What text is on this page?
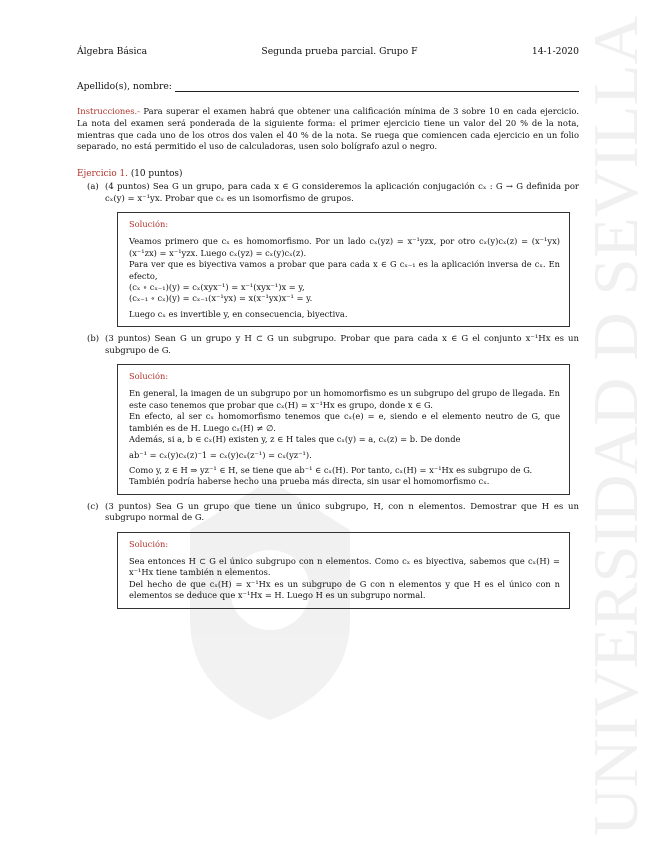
UNIVERSIDAD D SEVILLA
Álgebra Básica	Segunda prueba parcial. Grupo F	14-1-2020
Apellido(s), nombre:
Instrucciones.- Para superar el examen habrá que obtener una calificación mínima de 3 sobre 10 en cada ejercicio. La nota del examen será ponderada de la siguiente forma: el primer ejercicio tiene un valor del 20 % de la nota, mientras que cada uno de los otros dos valen el 40 % de la nota. Se ruega que comiencen cada ejercicio en un folio separado, no está permitido el uso de calculadoras, usen solo bolígrafo azul o negro.
Ejercicio 1. (10 puntos)
(a) (4 puntos) Sea G un grupo, para cada x ∈ G consideremos la aplicación conjugación cₓ : G → G definida por cₓ(y) = x⁻¹yx. Probar que cₓ es un isomorfismo de grupos.

Solución:

Veamos primero que cₓ es homomorfismo. Por un lado cₓ(yz) = x⁻¹yzx, por otro cₓ(y)cₓ(z) = (x⁻¹yx)(x⁻¹zx) = x⁻¹yzx. Luego cₓ(yz) = cₓ(y)cₓ(z).

Para ver que es biyectiva vamos a probar que para cada x ∈ G cₓ₋₁ es la aplicación inversa de cₓ. En efecto,

(cₓ ∘ cₓ₋₁)(y) = cₓ(xyx⁻¹) = x⁻¹(xyx⁻¹)x = y,

(cₓ₋₁ ∘ cₓ)(y) = cₓ₋₁(x⁻¹yx) = x(x⁻¹yx)x⁻¹ = y.

Luego cₓ es invertible y, en consecuencia, biyectiva.

(b) (3 puntos) Sean G un grupo y H ⊂ G un subgrupo. Probar que para cada x ∈ G el conjunto x⁻¹Hx es un subgrupo de G.

Solución:

En general, la imagen de un subgrupo por un homomorfismo es un subgrupo del grupo de llegada. En este caso tenemos que probar que cₓ(H) = x⁻¹Hx es grupo, donde x ∈ G.

En efecto, al ser cₓ homomorfismo tenemos que cₓ(e) = e, siendo e el elemento neutro de G, que también es de H. Luego cₓ(H) ≠ ∅.

Además, si a, b ∈ cₓ(H) existen y, z ∈ H tales que cₓ(y) = a, cₓ(z) = b. De donde

ab⁻¹ = cₓ(y)cₓ(z)⁻1 = cₓ(y)cₓ(z⁻¹) = cₓ(yz⁻¹).

Como y, z ∈ H ⇒ yz⁻¹ ∈ H, se tiene que ab⁻¹ ∈ cₓ(H). Por tanto, cₓ(H) = x⁻¹Hx es subgrupo de G.

También podría haberse hecho una prueba más directa, sin usar el homomorfismo cₓ.

(c) (3 puntos) Sea G un grupo que tiene un único subgrupo, H, con n elementos. Demostrar que H es un subgrupo normal de G.

Solución:

Sea entonces H ⊂ G el único subgrupo con n elementos. Como cₓ es biyectiva, sabemos que cₓ(H) = x⁻¹Hx tiene también n elementos.

Del hecho de que cₓ(H) = x⁻¹Hx es un subgrupo de G con n elementos y que H es el único con n elementos se deduce que x⁻¹Hx = H. Luego H es un subgrupo normal.
